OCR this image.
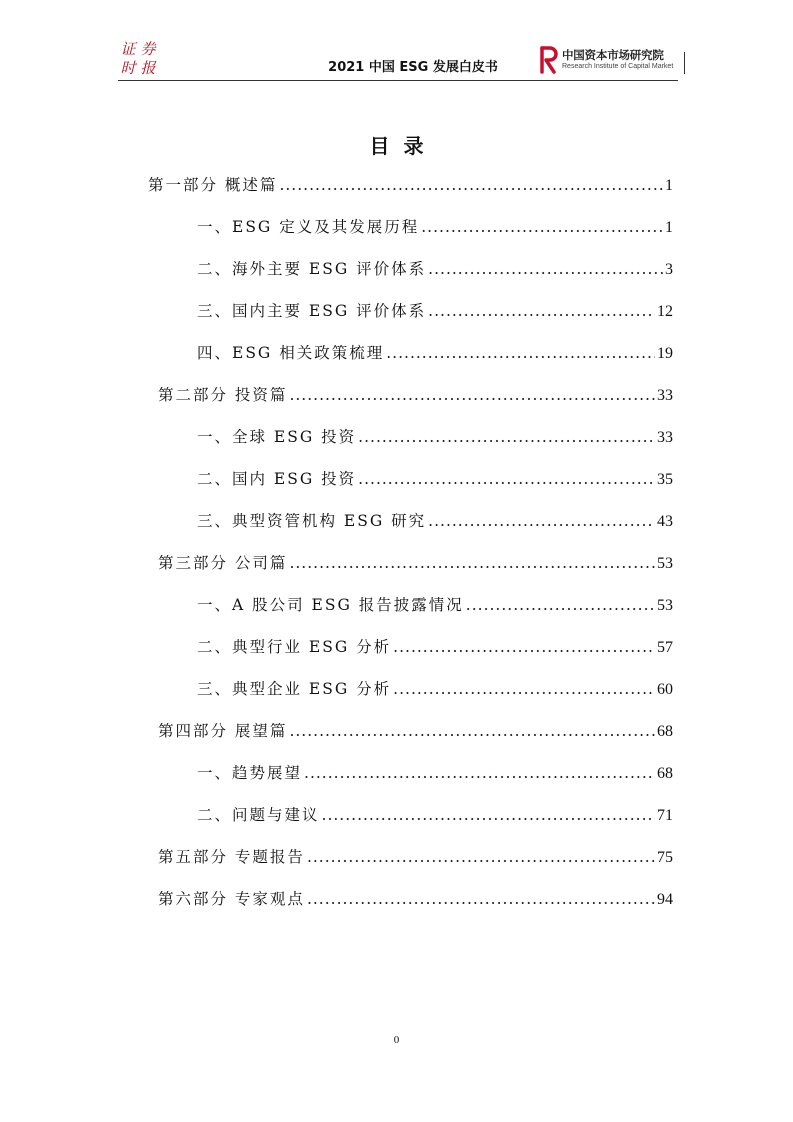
证 券
时 报	2021 中国 ESG 发展白皮书
中国资本市场研究院
Research Institute of Capital Market
目录
第一部分 概述篇 .....	1
一、ESG 定义及其发展历程 .....	1
二、海外主要 ESG 评价体系 .....	3
三、国内主要 ESG 评价体系 .....	12
四、ESG 相关政策梳理 .....	19
第二部分 投资篇 .....	33
一、全球 ESG 投资 .....	33
二、国内 ESG 投资 .....	35
三、典型资管机构 ESG 研究 .....	43
第三部分 公司篇 .....	53
一、A 股公司 ESG 报告披露情况 .....	53
二、典型行业 ESG 分析 .....	57
三、典型企业 ESG 分析 .....	60
第四部分 展望篇 .....	68
一、趋势展望 .....	68
二、问题与建议 .....	71
第五部分 专题报告 .....	75
第六部分 专家观点 .....	94
0
